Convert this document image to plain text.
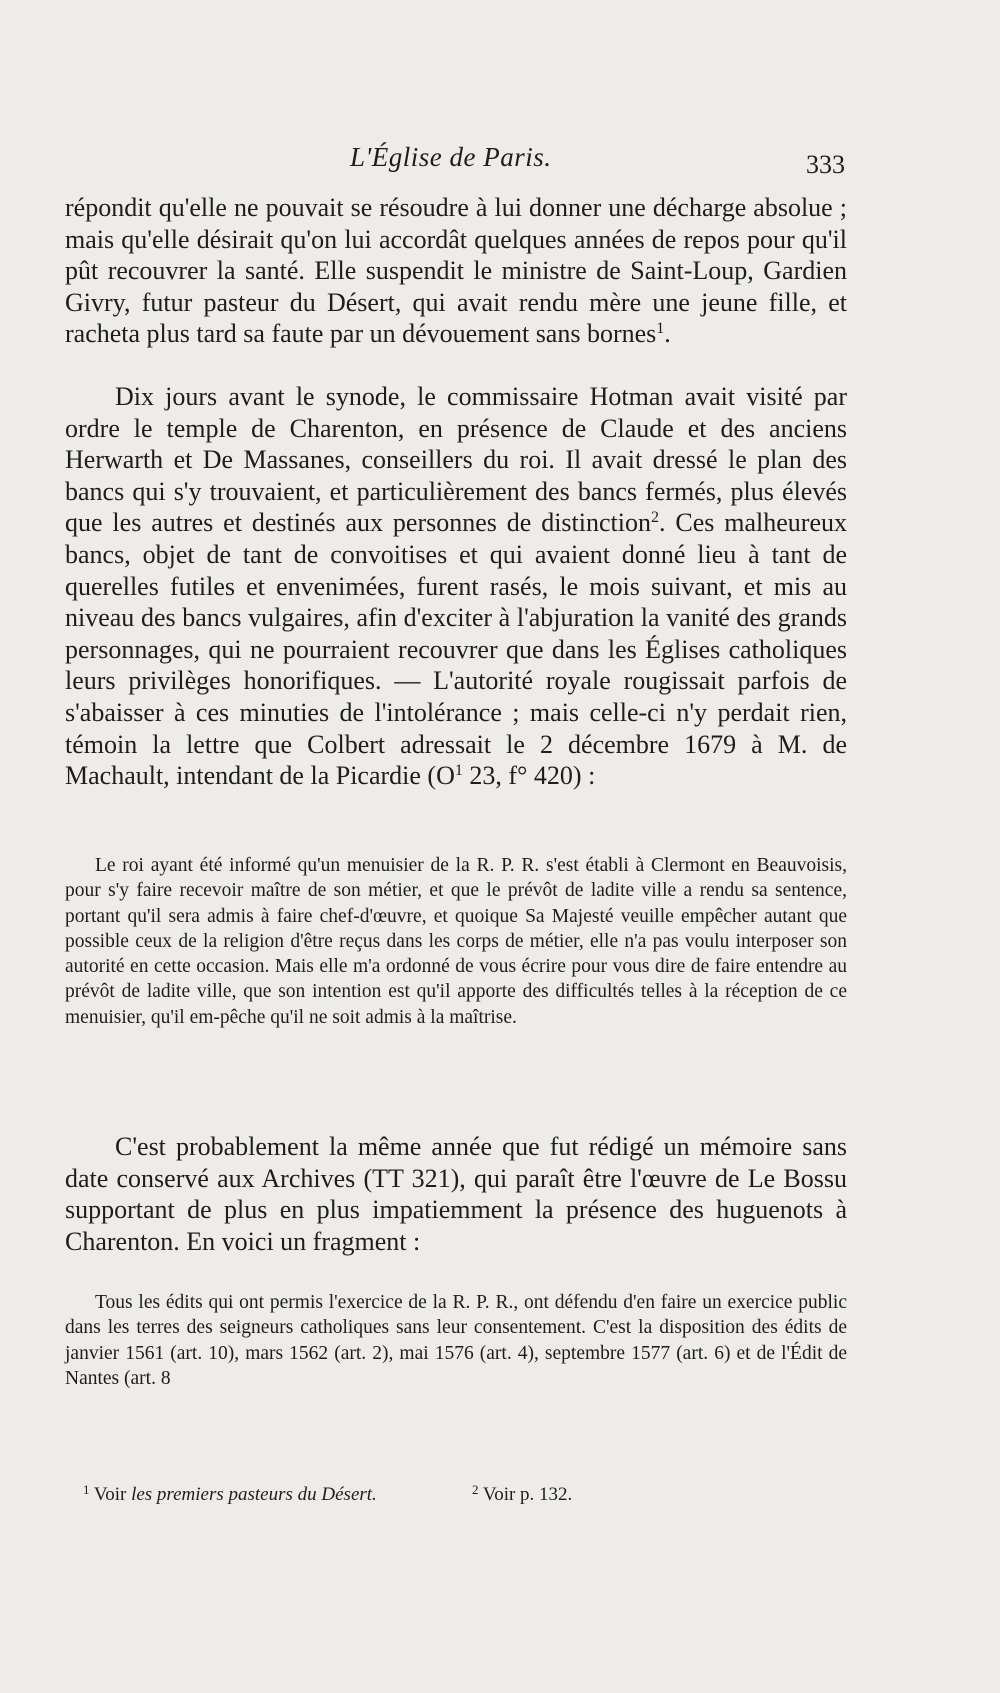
L'Église de Paris.	333

répondit qu'elle ne pouvait se résoudre à lui donner une décharge absolue ; mais qu'elle désirait qu'on lui accordât quelques années de repos pour qu'il pût recouvrer la santé. Elle suspendit le ministre de Saint-Loup, Gardien Givry, futur pasteur du Désert, qui avait rendu mère une jeune fille, et racheta plus tard sa faute par un dévouement sans bornes$^1$.

Dix jours avant le synode, le commissaire Hotman avait visité par ordre le temple de Charenton, en présence de Claude et des anciens Herwarth et De Massanes, conseillers du roi. Il avait dressé le plan des bancs qui s'y trouvaient, et particulièrement des bancs fermés, plus élevés que les autres et destinés aux personnes de distinction$^2$. Ces malheureux bancs, objet de tant de convoitises et qui avaient donné lieu à tant de querelles futiles et envenimées, furent rasés, le mois suivant, et mis au niveau des bancs vulgaires, afin d'exciter à l'abjuration la vanité des grands personnages, qui ne pourraient recouvrer que dans les Églises catholiques leurs privilèges honorifiques. — L'autorité royale rougissait parfois de s'abaisser à ces minuties de l'intolérance ; mais celle-ci n'y perdait rien, témoin la lettre que Colbert adressait le 2 décembre 1679 à M. de Machault, intendant de la Picardie (O$^1$ 23, f° 420) :

Le roi ayant été informé qu'un menuisier de la R. P. R. s'est établi à Clermont en Beauvoisis, pour s'y faire recevoir maître de son métier, et que le prévôt de ladite ville a rendu sa sentence, portant qu'il sera admis à faire chef-d'œuvre, et quoique Sa Majesté veuille empêcher autant que possible ceux de la religion d'être reçus dans les corps de métier, elle n'a pas voulu interposer son autorité en cette occasion. Mais elle m'a ordonné de vous écrire pour vous dire de faire entendre au prévôt de ladite ville, que son intention est qu'il apporte des difficultés telles à la réception de ce menuisier, qu'il em-pêche qu'il ne soit admis à la maîtrise.

C'est probablement la même année que fut rédigé un mémoire sans date conservé aux Archives (TT 321), qui paraît être l'œuvre de Le Bossu supportant de plus en plus impatiemment la présence des huguenots à Charenton. En voici un fragment :

Tous les édits qui ont permis l'exercice de la R. P. R., ont défendu d'en faire un exercice public dans les terres des seigneurs catholiques sans leur consentement. C'est la disposition des édits de janvier 1561 (art. 10), mars 1562 (art. 2), mai 1576 (art. 4), septembre 1577 (art. 6) et de l'Édit de Nantes (art. 8

$^1$ Voir les premiers pasteurs du Désert.	$^2$ Voir p. 132.
